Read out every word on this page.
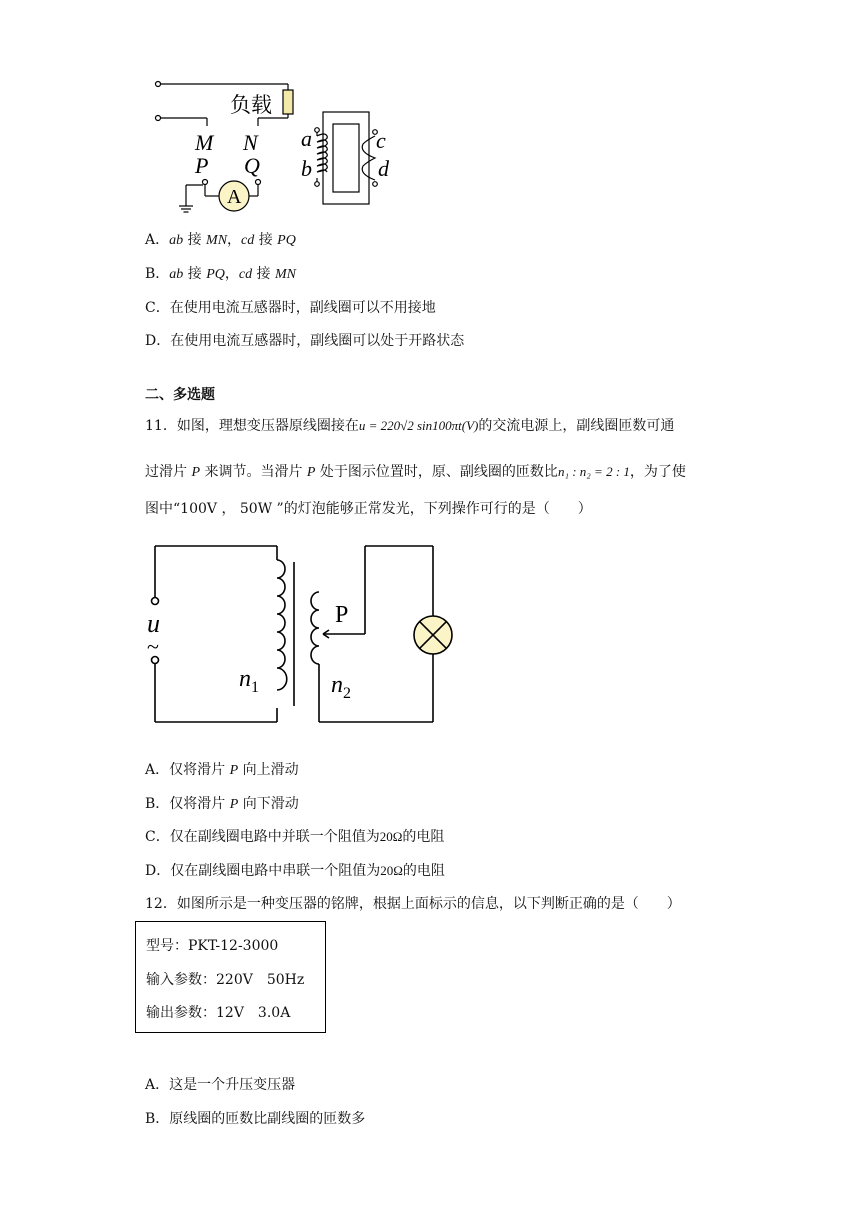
负载
M N
P Q
a
b
c
d
A
A．ab 接 MN，cd 接 PQ
B．ab 接 PQ，cd 接 MN
C．在使用电流互感器时，副线圈可以不用接地
D．在使用电流互感器时，副线圈可以处于开路状态
二、多选题
11．如图，理想变压器原线圈接在u = 220√2 sin100πt(V)的交流电源上，副线圈匝数可通
过滑片 P 来调节。当滑片 P 处于图示位置时，原、副线圈的匝数比n₁ : n₂ = 2 : 1，为了使
图中“100V ， 50W ”的灯泡能够正常发光，下列操作可行的是（　　）
u
~
P
$n_1$	$n_2$
A．仅将滑片 P 向上滑动
B．仅将滑片 P 向下滑动
C．仅在副线圈电路中并联一个阻值为20Ω的电阻
D．仅在副线圈电路中串联一个阻值为20Ω的电阻
12．如图所示是一种变压器的铭牌，根据上面标示的信息，以下判断正确的是（　　）
型号：PKT-12-3000
输入参数：220V　50Hz
输出参数：12V　3.0A
A．这是一个升压变压器
B．原线圈的匝数比副线圈的匝数多
